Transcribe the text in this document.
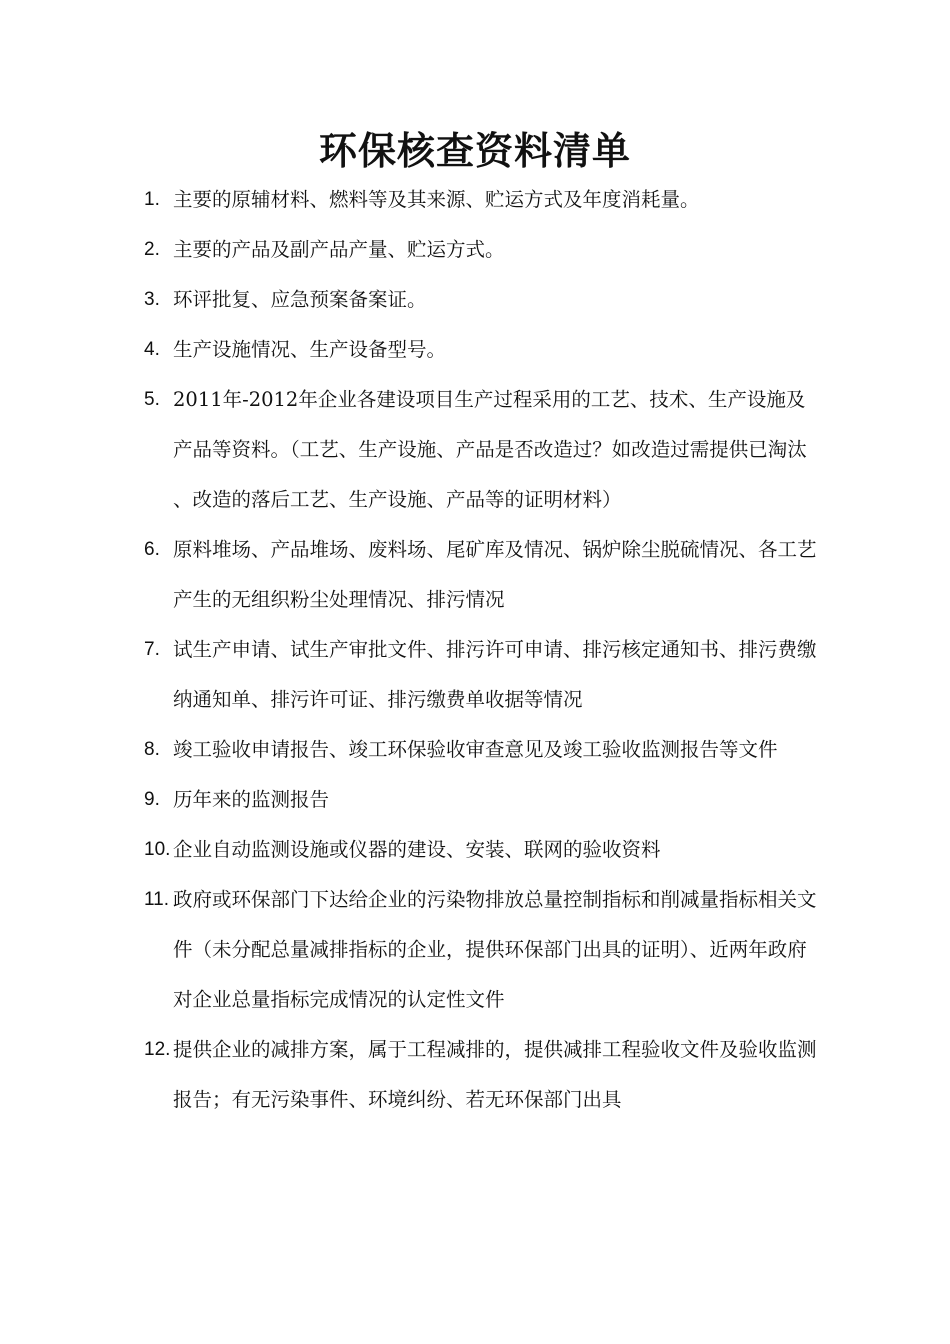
环保核查资料清单
1. 主要的原辅材料、燃料等及其来源、贮运方式及年度消耗量。
2. 主要的产品及副产品产量、贮运方式。
3. 环评批复、应急预案备案证。
4. 生产设施情况、生产设备型号。
5. 2011年-2012年企业各建设项目生产过程采用的工艺、技术、生产设施及产品等资料。（工艺、生产设施、产品是否改造过？如改造过需提供已淘汰、改造的落后工艺、生产设施、产品等的证明材料）
6. 原料堆场、产品堆场、废料场、尾矿库及情况、锅炉除尘脱硫情况、各工艺产生的无组织粉尘处理情况、排污情况
7. 试生产申请、试生产审批文件、排污许可申请、排污核定通知书、排污费缴纳通知单、排污许可证、排污缴费单收据等情况
8. 竣工验收申请报告、竣工环保验收审查意见及竣工验收监测报告等文件
9. 历年来的监测报告
10. 企业自动监测设施或仪器的建设、安装、联网的验收资料
11. 政府或环保部门下达给企业的污染物排放总量控制指标和削减量指标相关文件（未分配总量减排指标的企业，提供环保部门出具的证明）、近两年政府对企业总量指标完成情况的认定性文件
12. 提供企业的减排方案，属于工程减排的，提供减排工程验收文件及验收监测报告；有无污染事件、环境纠纷、若无环保部门出具
